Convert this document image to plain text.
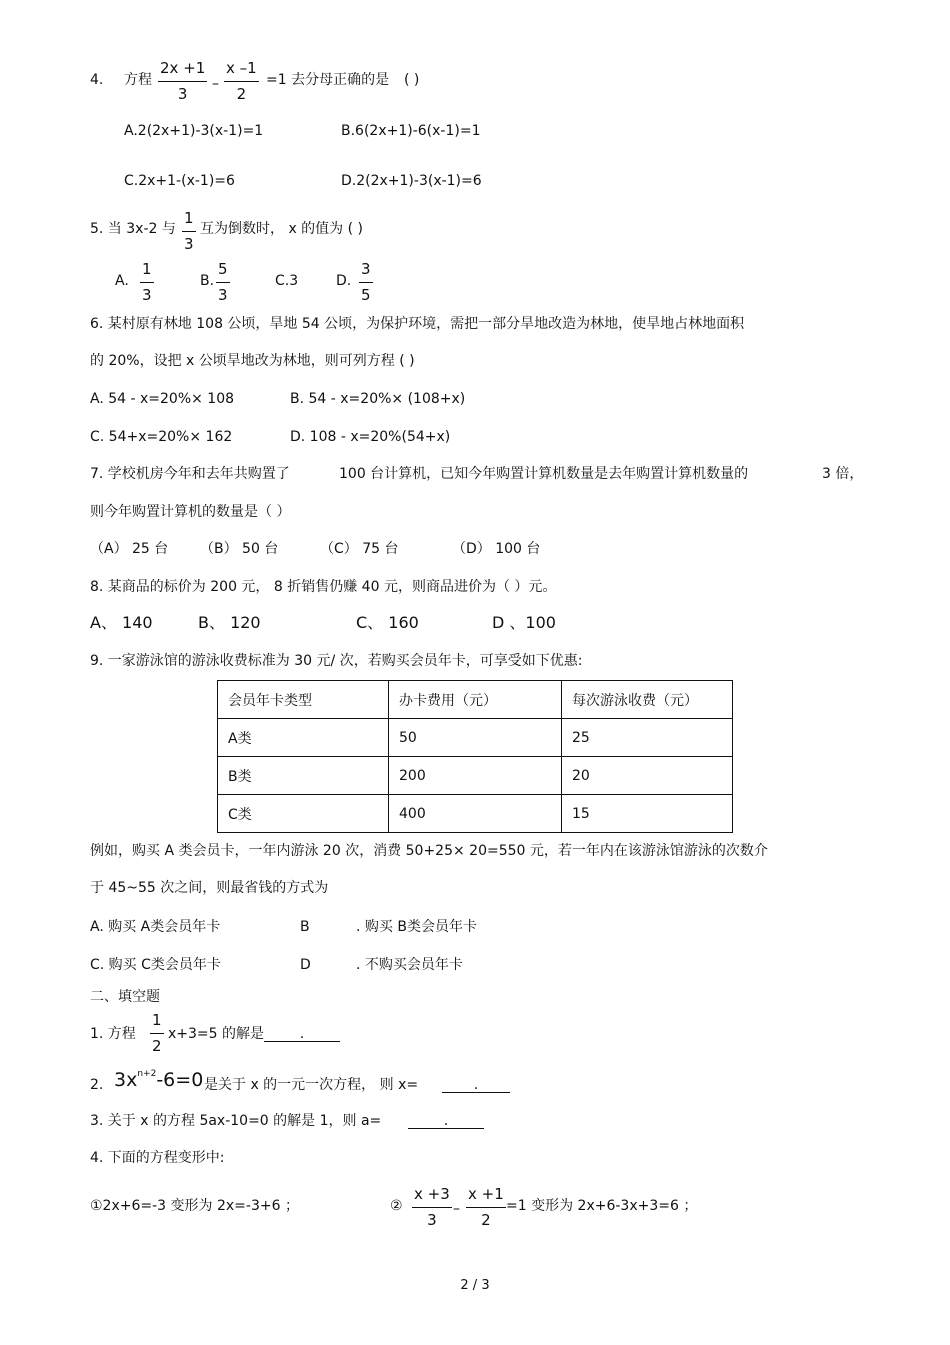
4. 方程
2x +1
3
–
x –1
2
=1 去分母正确的是 ( )
A.2(2x+1)-3(x-1)=1	B.6(2x+1)-6(x-1)=1
C.2x+1-(x-1)=6	D.2(2x+1)-3(x-1)=6
5. 当 3x-2 与
1
3
互为倒数时， x 的值为 ( )
A.
1
3
B.
5
3
C.3	D.
3
5
6. 某村原有林地 108 公顷，旱地 54 公顷，为保护环境，需把一部分旱地改造为林地，使旱地占林地面积
的 20%，设把 x 公顷旱地改为林地，则可列方程 ( )
A. 54 - x=20%× 108	B. 54 - x=20%× (108+x)
C. 54+x=20%× 162	D. 108 - x=20%(54+x)
7. 学校机房今年和去年共购置了	100 台计算机，已知今年购置计算机数量是去年购置计算机数量的	3 倍，
则今年购置计算机的数量是（ ）
（A） 25 台 （B） 50 台	（C） 75 台	（D） 100 台
8. 某商品的标价为 200 元， 8 折销售仍赚 40 元，则商品进价为（ ）元。
A、 140	B、 120	C、 160	D 、100
9. 一家游泳馆的游泳收费标准为 30 元/ 次，若购买会员年卡，可享受如下优惠:
会员年卡类型	办卡费用（元）	每次游泳收费（元）
A类	50	25
B类	200	20
C类	400	15
例如，购买 A 类会员卡，一年内游泳 20 次，消费 50+25× 20=550 元，若一年内在该游泳馆游泳的次数介
于 45~55 次之间，则最省钱的方式为
A. 购买 A类会员年卡	B	. 购买 B类会员年卡
C. 购买 C类会员年卡	D	. 不购买会员年卡
二、填空题
1. 方程
1
2
x+3=5 的解是	.
2. $3x^{n+2}-6=0$ 是关于 x 的一元一次方程， 则 x=	.
3. 关于 x 的方程 5ax-10=0 的解是 1，则 a=	.
4. 下面的方程变形中:
①2x+6=-3 变形为 2x=-3+6 ；	②
x +3
3
–
x +1
2
=1 变形为 2x+6-3x+3=6 ；
2 / 3
